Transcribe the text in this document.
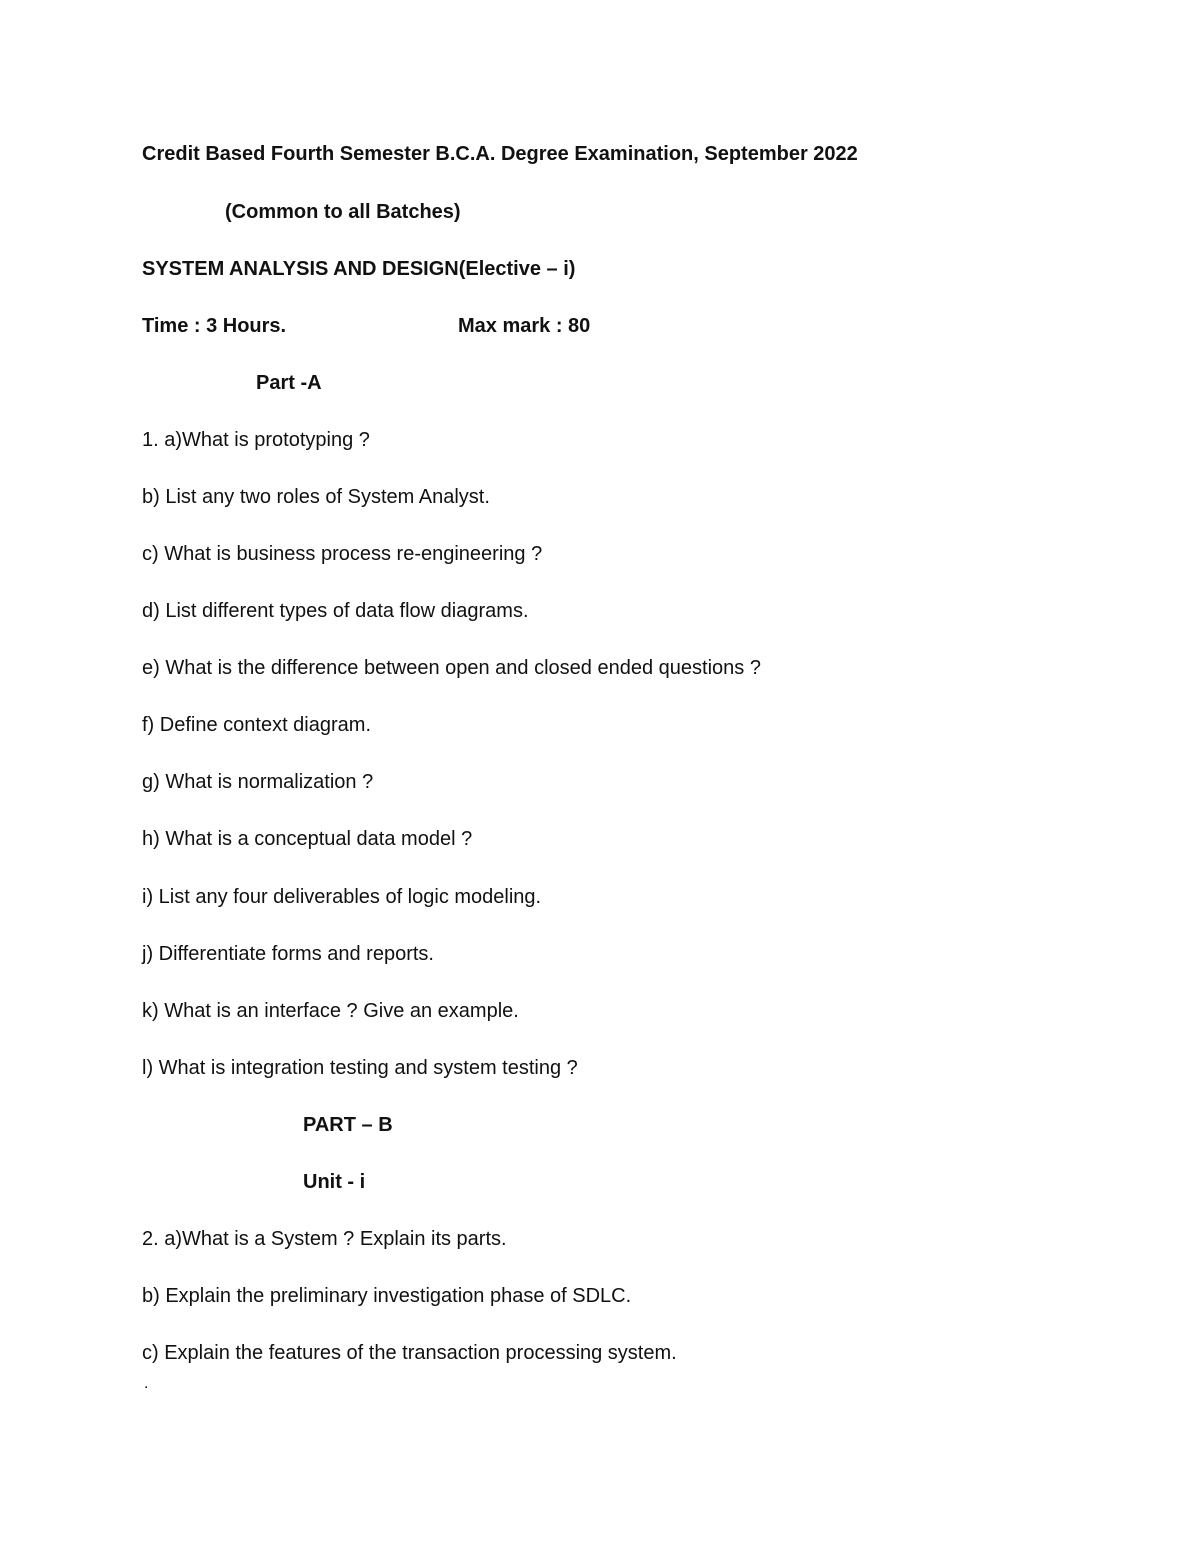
Credit Based Fourth Semester B.C.A. Degree Examination, September 2022
(Common to all Batches)
SYSTEM ANALYSIS AND DESIGN(Elective – i)
Time : 3 Hours.	Max mark : 80
Part -A
1. a)What is prototyping ?
b) List any two roles of System Analyst.
c) What is business process re-engineering ?
d) List different types of data flow diagrams.
e) What is the difference between open and closed ended questions ?
f) Define context diagram.
g) What is normalization ?
h) What is a conceptual data model ?
i) List any four deliverables of logic modeling.
j) Differentiate forms and reports.
k) What is an interface ? Give an example.
l) What is integration testing and system testing ?
PART – B
Unit - i
2. a)What is a System ? Explain its parts.
b) Explain the preliminary investigation phase of SDLC.
c) Explain the features of the transaction processing system.
.
